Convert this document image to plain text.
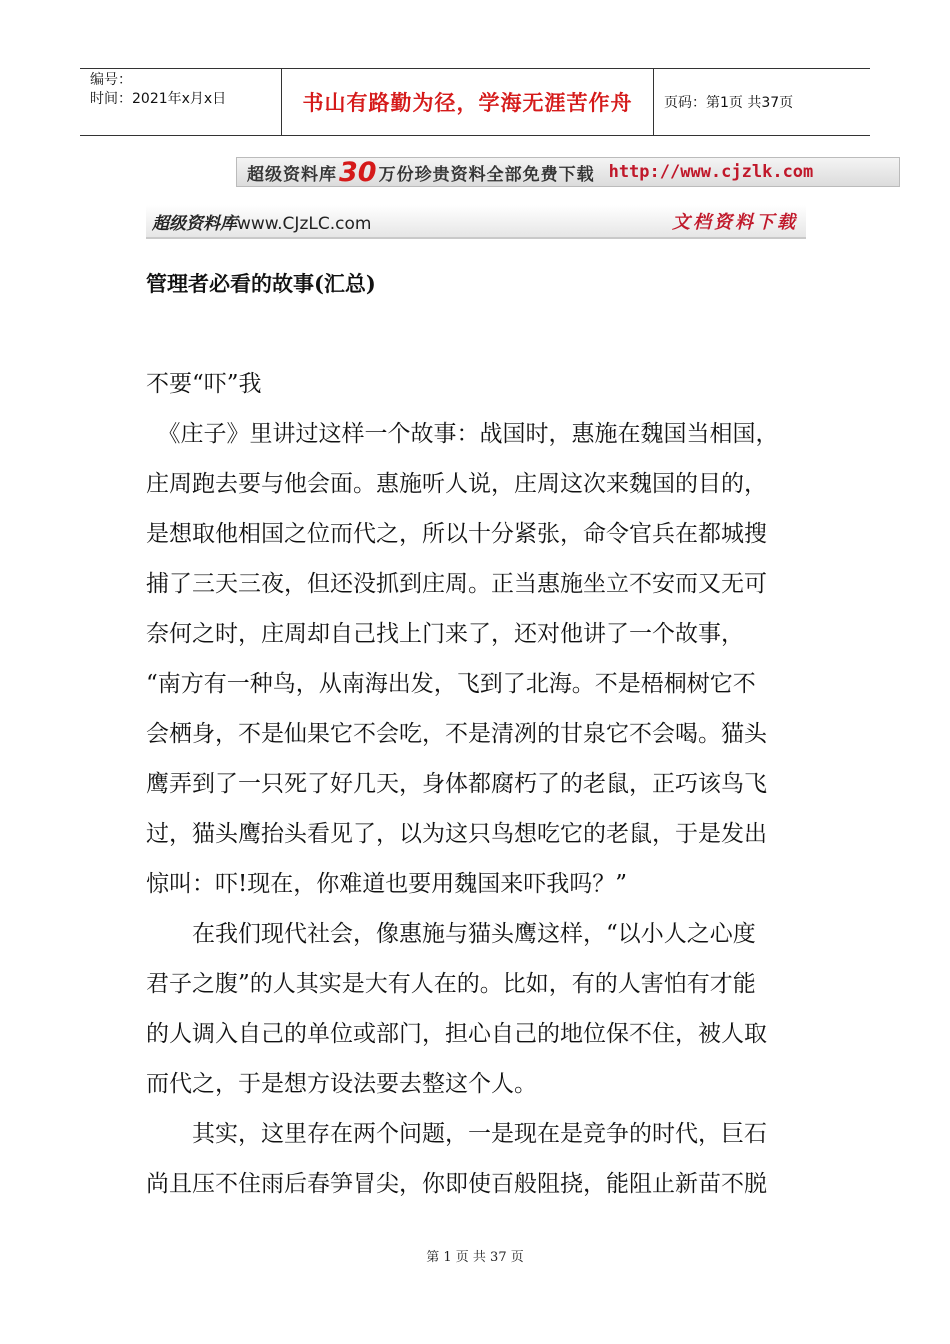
编号：
时间：2021年x月x日	书山有路勤为径，学海无涯苦作舟	页码：第1页 共37页
超级资料库 30 万份珍贵资料全部免费下载 http://www.cjzlk.com
超级资料库www.CJzLC.com	文档资料下载
管理者必看的故事(汇总)
不要“吓”我
　《庄子》里讲过这样一个故事：战国时，惠施在魏国当相国，
庄周跑去要与他会面。惠施听人说，庄周这次来魏国的目的，
是想取他相国之位而代之，所以十分紧张，命令官兵在都城搜
捕了三天三夜，但还没抓到庄周。正当惠施坐立不安而又无可
奈何之时，庄周却自己找上门来了，还对他讲了一个故事，
“南方有一种鸟，从南海出发，飞到了北海。不是梧桐树它不
会栖身，不是仙果它不会吃，不是清冽的甘泉它不会喝。猫头
鹰弄到了一只死了好几天，身体都腐朽了的老鼠，正巧该鸟飞
过，猫头鹰抬头看见了，以为这只鸟想吃它的老鼠，于是发出
惊叫：吓!现在，你难道也要用魏国来吓我吗？”
　　在我们现代社会，像惠施与猫头鹰这样，“以小人之心度
君子之腹”的人其实是大有人在的。比如，有的人害怕有才能
的人调入自己的单位或部门，担心自己的地位保不住，被人取
而代之，于是想方设法要去整这个人。
　　其实，这里存在两个问题，一是现在是竞争的时代，巨石
尚且压不住雨后春笋冒尖，你即使百般阻挠，能阻止新苗不脱
第 1 页 共 37 页
